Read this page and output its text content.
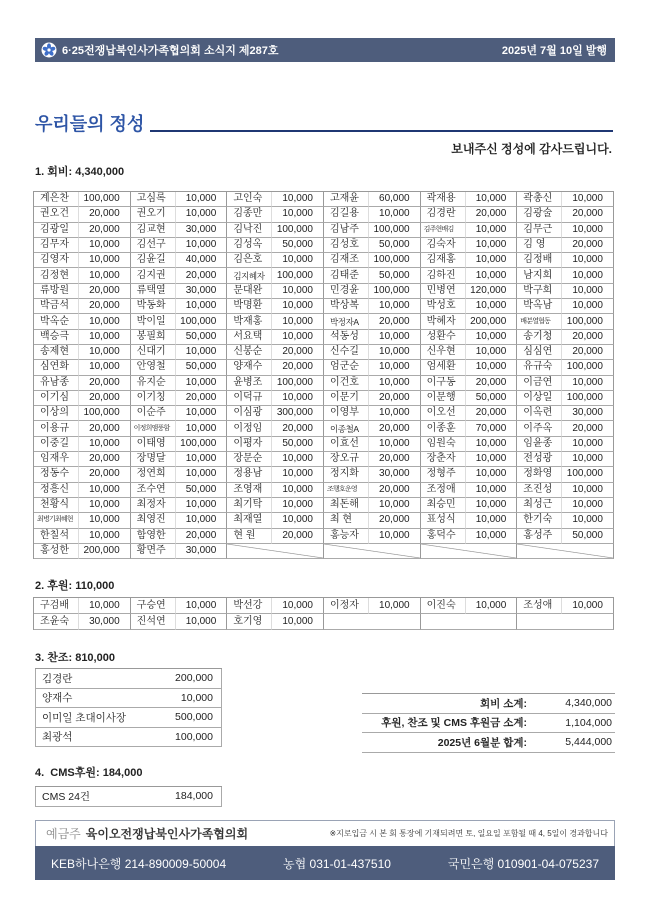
6·25전쟁납북인사가족협의회 소식지 제287호	2025년 7월 10일 발행
우리들의 정성
보내주신 정성에 감사드립니다.
1. 회비: 4,340,000
계은찬	100,000	고심록	10,000	고인숙	10,000	고재윤	60,000	곽재용	10,000	곽총신	10,000
권오건	20,000	권오기	10,000	김종만	10,000	김길용	10,000	김경란	20,000	김광술	20,000
김광일	20,000	김교현	30,000	김낙진	100,000	김남주	100,000	김주현배김	10,000	김무근	10,000
김무자	10,000	김선구	10,000	김성옥	50,000	김성호	50,000	김숙자	10,000	김 영	20,000
김영자	10,000	김윤길	40,000	김은호	10,000	김재조	100,000	김재홍	10,000	김정배	10,000
김정현	10,000	김지권	20,000	김지혜자	100,000	김태준	50,000	김하진	10,000	남지희	10,000
류방원	20,000	류택열	30,000	문대완	10,000	민경윤	100,000	민병연	120,000	박구희	10,000
박금석	20,000	박동화	10,000	박명환	10,000	박상복	10,000	박성호	10,000	박옥남	10,000
박옥순	10,000	박이일	100,000	박재홍	10,000	박정자A	20,000	박혜자	200,000	배분열협동	100,000
백승극	10,000	봉필희	50,000	서요택	10,000	석동성	10,000	성환수	10,000	송기청	20,000
송제현	10,000	신대기	10,000	신봉순	20,000	신수길	10,000	신우현	10,000	심심연	20,000
심연화	10,000	안영철	50,000	양재수	20,000	엄군순	10,000	엄세환	10,000	유규숙	100,000
유남종	20,000	유지순	10,000	윤병조	100,000	이건호	10,000	이구동	20,000	이금연	10,000
이기심	20,000	이기칭	20,000	이덕규	10,000	이문기	20,000	이문행	50,000	이상일	100,000
이상의	100,000	이순주	10,000	이심광	300,000	이영부	10,000	이오선	20,000	이옥련	30,000
이용규	20,000	이정희앰풍함	10,000	이정임	20,000	이종철A	20,000	이종훈	70,000	이주옥	20,000
이중길	10,000	이태영	100,000	이평자	50,000	이효선	10,000	임원숙	10,000	임윤종	10,000
임재우	20,000	장명달	10,000	장문순	10,000	장오규	20,000	장춘자	10,000	전성광	10,000
정동수	20,000	정연희	10,000	정용남	10,000	정지화	30,000	정형주	10,000	정화영	100,000
정흥신	10,000	조수연	50,000	조영재	10,000	조행호운영	20,000	조정애	10,000	조진성	10,000
천황식	10,000	최정자	10,000	최기탁	10,000	최돈해	10,000	최승민	10,000	최성근	10,000
최병기최혜현	10,000	최영진	10,000	최재열	10,000	최 현	20,000	표성식	10,000	한기숙	10,000
한칠석	10,000	함영한	20,000	현 원	20,000	홍능자	10,000	홍덕수	10,000	홍성주	50,000
홍성한	200,000	황면주	30,000
2. 후원: 110,000
구검배	10,000	구승연	10,000	박선강	10,000	이정자	10,000	이진숙	10,000	조성애	10,000
조윤숙	30,000	진석연	10,000	호기영	10,000
3. 찬조: 810,000
김경란	200,000
양재수	10,000
이미일 초대이사장	500,000
최광석	100,000
회비 소계:	4,340,000
후원, 찬조 및 CMS 후원금 소계:	1,104,000
2025년 6월분 합계:	5,444,000
4.  CMS후원: 184,000
CMS 24건	184,000
예금주 육이오전쟁납북인사가족협의회	※지로입금 시 본 회 통장에 기재되려면 토, 일요일 포함될 때 4, 5일이 경과합니다
KEB하나은행 214-890009-50004	농협 031-01-437510	국민은행 010901-04-075237
